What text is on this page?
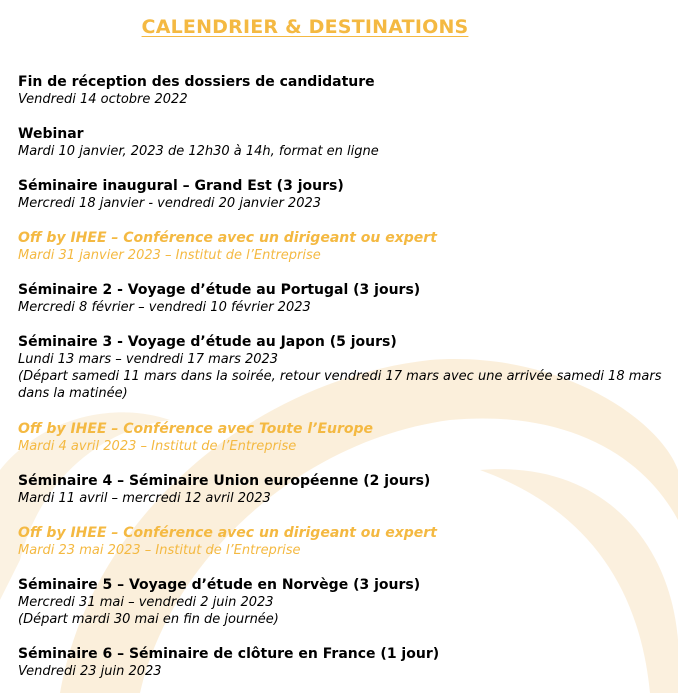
CALENDRIER & DESTINATIONS
Fin de réception des dossiers de candidature
Vendredi 14 octobre 2022
Webinar
Mardi 10 janvier, 2023 de 12h30 à 14h, format en ligne
Séminaire inaugural – Grand Est (3 jours)
Mercredi 18 janvier - vendredi 20 janvier 2023
Off by IHEE – Conférence avec un dirigeant ou expert
Mardi 31 janvier 2023 – Institut de l’Entreprise
Séminaire 2 - Voyage d’étude au Portugal (3 jours)
Mercredi 8 février – vendredi 10 février 2023
Séminaire 3 - Voyage d’étude au Japon (5 jours)
Lundi 13 mars – vendredi 17 mars 2023
(Départ samedi 11 mars dans la soirée, retour vendredi 17 mars avec une arrivée samedi 18 mars dans la matinée)
Off by IHEE – Conférence avec Toute l’Europe
Mardi 4 avril 2023 – Institut de l’Entreprise
Séminaire 4 – Séminaire Union européenne (2 jours)
Mardi 11 avril – mercredi 12 avril 2023
Off by IHEE – Conférence avec un dirigeant ou expert
Mardi 23 mai 2023 – Institut de l’Entreprise
Séminaire 5 – Voyage d’étude en Norvège (3 jours)
Mercredi 31 mai – vendredi 2 juin 2023
(Départ mardi 30 mai en fin de journée)
Séminaire 6 – Séminaire de clôture en France (1 jour)
Vendredi 23 juin 2023
